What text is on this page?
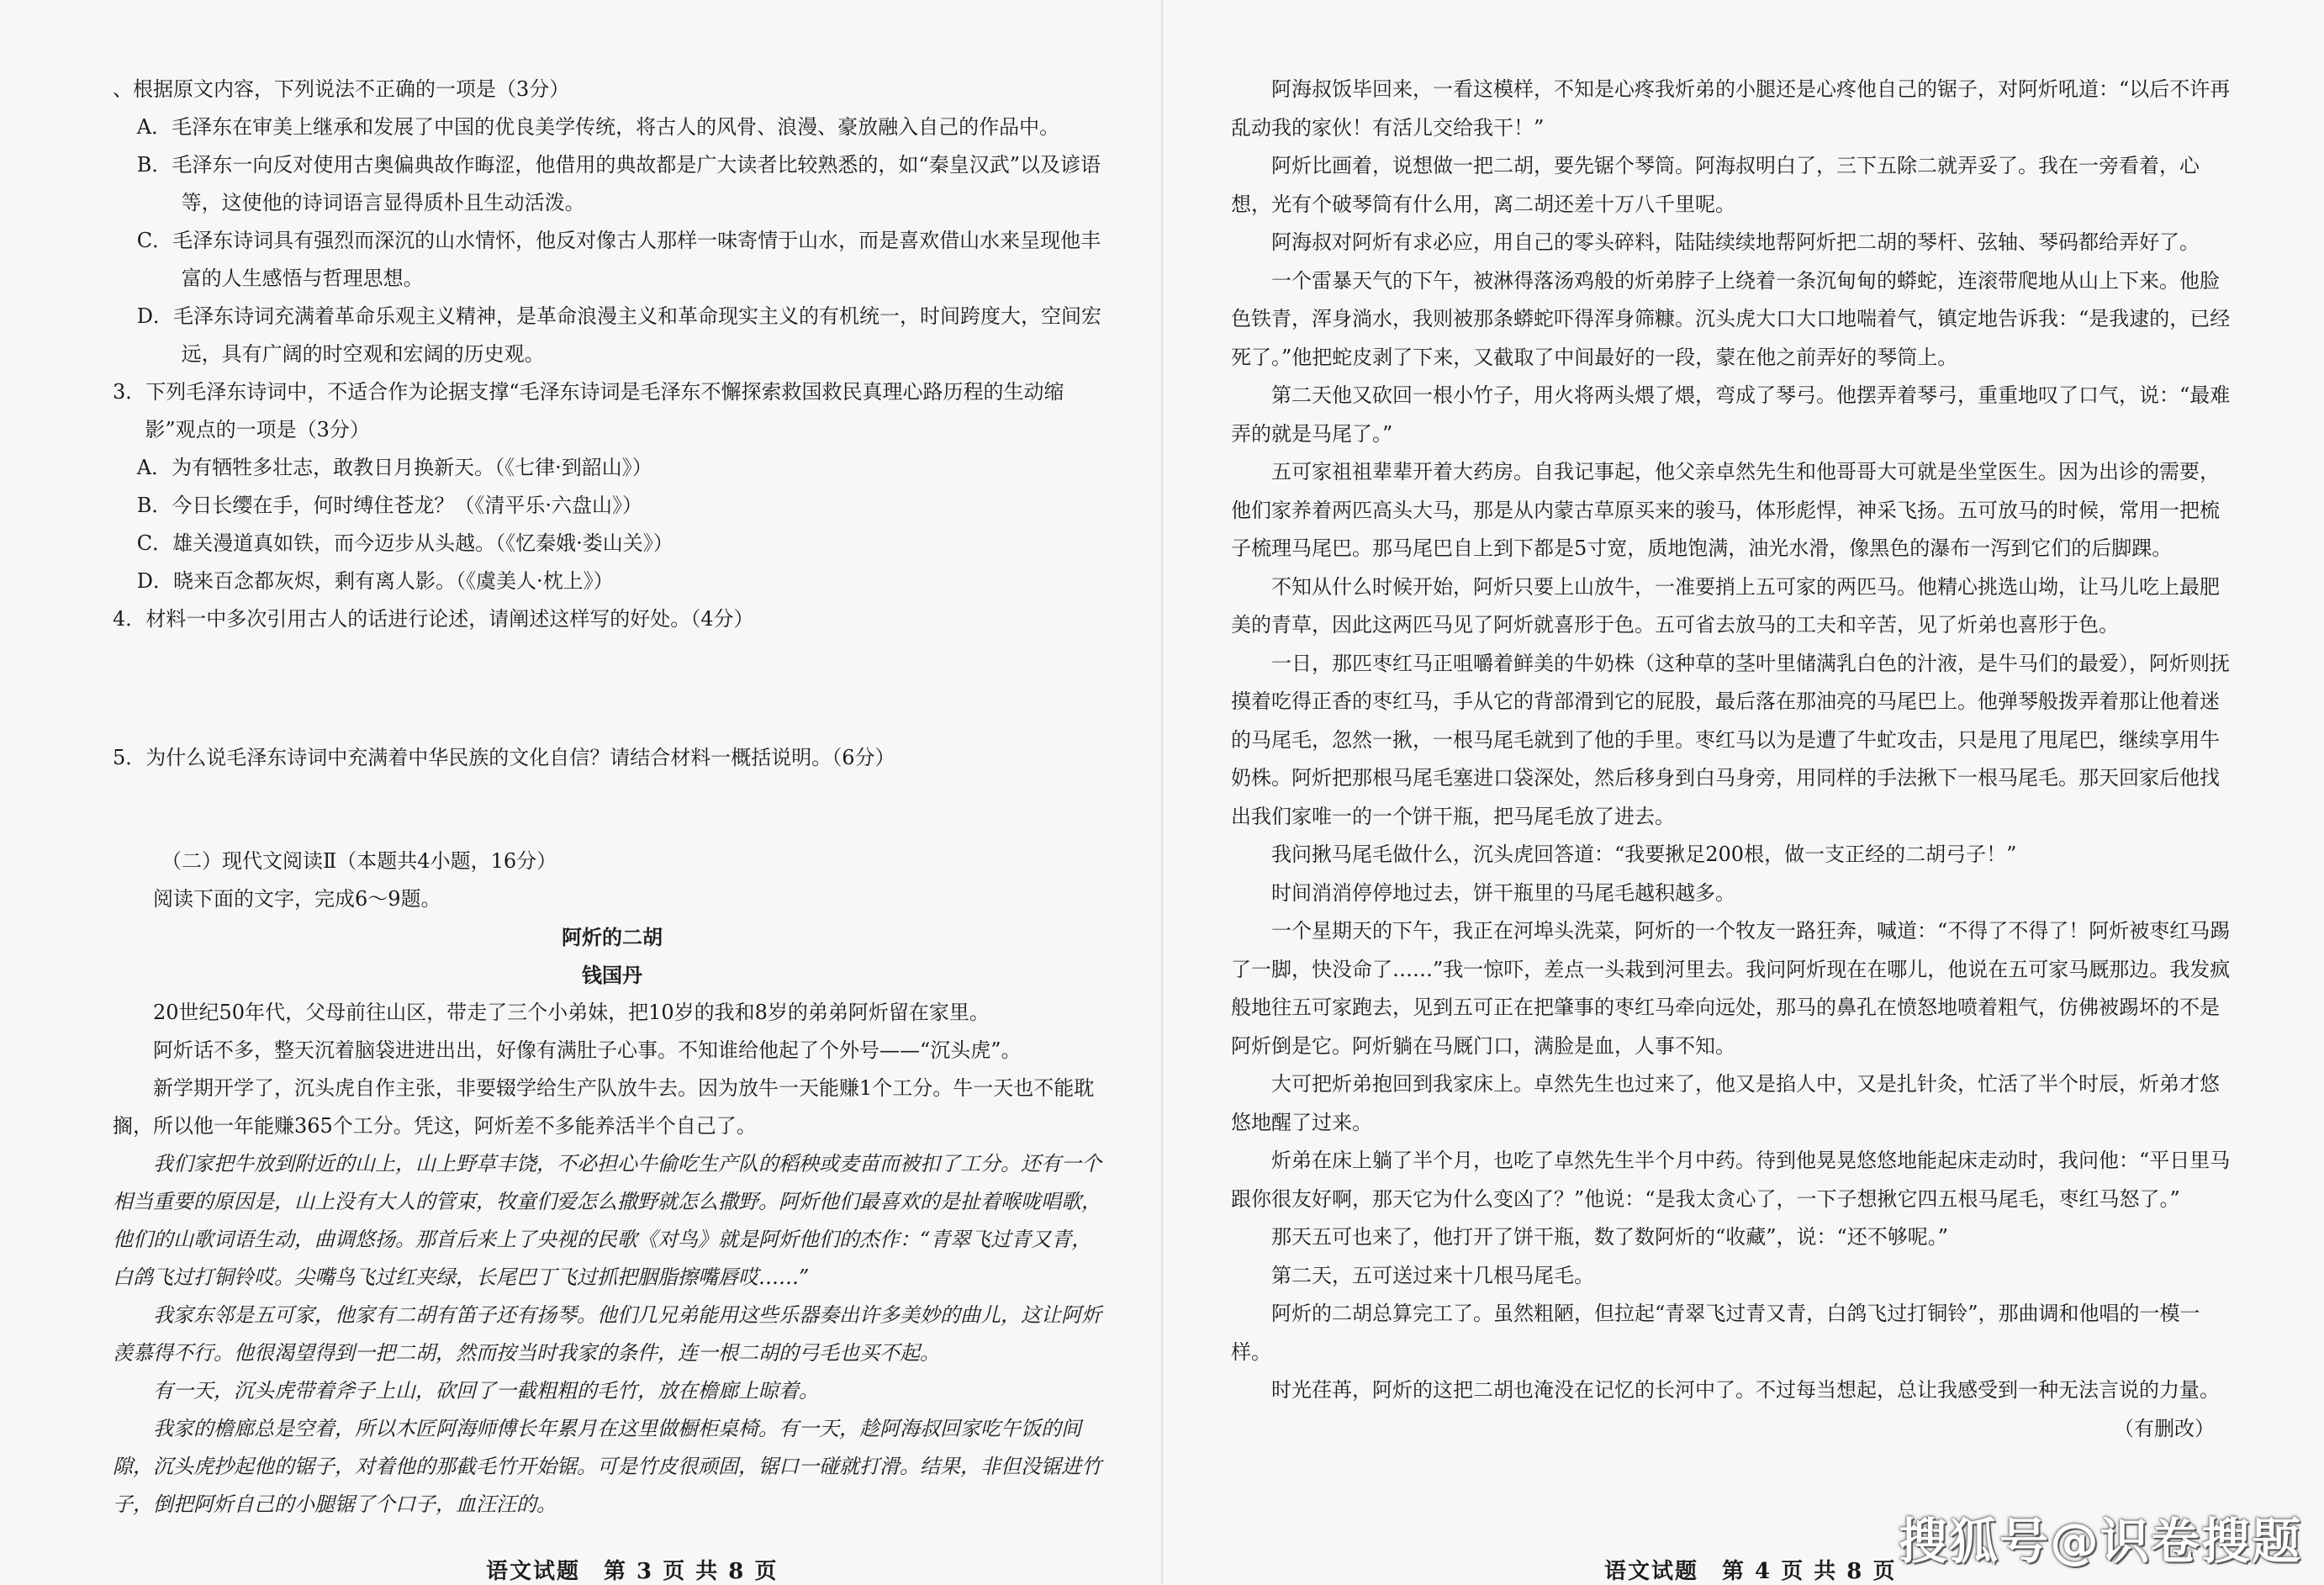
、根据原文内容，下列说法不正确的一项是（3分）

A．毛泽东在审美上继承和发展了中国的优良美学传统，将古人的风骨、浪漫、豪放融入自己的作品中。

B．毛泽东一向反对使用古奥偏典故作晦涩，他借用的典故都是广大读者比较熟悉的，如“秦皇汉武”以及谚语等，这使他的诗词语言显得质朴且生动活泼。

C．毛泽东诗词具有强烈而深沉的山水情怀，他反对像古人那样一味寄情于山水，而是喜欢借山水来呈现他丰富的人生感悟与哲理思想。

D．毛泽东诗词充满着革命乐观主义精神，是革命浪漫主义和革命现实主义的有机统一，时间跨度大，空间宏远，具有广阔的时空观和宏阔的历史观。

3．下列毛泽东诗词中，不适合作为论据支撑“毛泽东诗词是毛泽东不懈探索救国救民真理心路历程的生动缩影”观点的一项是（3分）

A．为有牺牲多壮志，敢教日月换新天。（《七律·到韶山》）

B．今日长缨在手，何时缚住苍龙？（《清平乐·六盘山》）

C．雄关漫道真如铁，而今迈步从头越。（《忆秦娥·娄山关》）

D．晓来百念都灰烬，剩有离人影。（《虞美人·枕上》）

4．材料一中多次引用古人的话进行论述，请阐述这样写的好处。（4分）

5．为什么说毛泽东诗词中充满着中华民族的文化自信？请结合材料一概括说明。（6分）

（二）现代文阅读Ⅱ（本题共4小题，16分）

阅读下面的文字，完成6～9题。

阿炘的二胡

钱国丹

20世纪50年代，父母前往山区，带走了三个小弟妹，把10岁的我和8岁的弟弟阿炘留在家里。

阿炘话不多，整天沉着脑袋进进出出，好像有满肚子心事。不知谁给他起了个外号——“沉头虎”。

新学期开学了，沉头虎自作主张，非要辍学给生产队放牛去。因为放牛一天能赚1个工分。牛一天也不能耽搁，所以他一年能赚365个工分。凭这，阿炘差不多能养活半个自己了。

我们家把牛放到附近的山上，山上野草丰饶，不必担心牛偷吃生产队的稻秧或麦苗而被扣了工分。还有一个相当重要的原因是，山上没有大人的管束，牧童们爱怎么撒野就怎么撒野。阿炘他们最喜欢的是扯着喉咙唱歌，他们的山歌词语生动，曲调悠扬。那首后来上了央视的民歌《对鸟》就是阿炘他们的杰作：“青翠飞过青又青，白鸽飞过打铜铃哎。尖嘴鸟飞过红夹绿，长尾巴丁飞过抓把胭脂擦嘴唇哎……”

我家东邻是五可家，他家有二胡有笛子还有扬琴。他们几兄弟能用这些乐器奏出许多美妙的曲儿，这让阿炘羡慕得不行。他很渴望得到一把二胡，然而按当时我家的条件，连一根二胡的弓毛也买不起。

有一天，沉头虎带着斧子上山，砍回了一截粗粗的毛竹，放在檐廊上晾着。

我家的檐廊总是空着，所以木匠阿海师傅长年累月在这里做橱柜桌椅。有一天，趁阿海叔回家吃午饭的间隙，沉头虎抄起他的锯子，对着他的那截毛竹开始锯。可是竹皮很顽固，锯口一碰就打滑。结果，非但没锯进竹子，倒把阿炘自己的小腿锯了个口子，血汪汪的。

语文试题　第 3 页 共 8 页

阿海叔饭毕回来，一看这模样，不知是心疼我炘弟的小腿还是心疼他自己的锯子，对阿炘吼道：“以后不许再乱动我的家伙！有活儿交给我干！”

阿炘比画着，说想做一把二胡，要先锯个琴筒。阿海叔明白了，三下五除二就弄妥了。我在一旁看着，心想，光有个破琴筒有什么用，离二胡还差十万八千里呢。

阿海叔对阿炘有求必应，用自己的零头碎料，陆陆续续地帮阿炘把二胡的琴杆、弦轴、琴码都给弄好了。

一个雷暴天气的下午，被淋得落汤鸡般的炘弟脖子上绕着一条沉甸甸的蟒蛇，连滚带爬地从山上下来。他脸色铁青，浑身淌水，我则被那条蟒蛇吓得浑身筛糠。沉头虎大口大口地喘着气，镇定地告诉我：“是我逮的，已经死了。”他把蛇皮剥了下来，又截取了中间最好的一段，蒙在他之前弄好的琴筒上。

第二天他又砍回一根小竹子，用火将两头煨了煨，弯成了琴弓。他摆弄着琴弓，重重地叹了口气，说：“最难弄的就是马尾了。”

五可家祖祖辈辈开着大药房。自我记事起，他父亲卓然先生和他哥哥大可就是坐堂医生。因为出诊的需要，他们家养着两匹高头大马，那是从内蒙古草原买来的骏马，体形彪悍，神采飞扬。五可放马的时候，常用一把梳子梳理马尾巴。那马尾巴自上到下都是5寸宽，质地饱满，油光水滑，像黑色的瀑布一泻到它们的后脚踝。

不知从什么时候开始，阿炘只要上山放牛，一准要捎上五可家的两匹马。他精心挑选山坳，让马儿吃上最肥美的青草，因此这两匹马见了阿炘就喜形于色。五可省去放马的工夫和辛苦，见了炘弟也喜形于色。

一日，那匹枣红马正咀嚼着鲜美的牛奶株（这种草的茎叶里储满乳白色的汁液，是牛马们的最爱），阿炘则抚摸着吃得正香的枣红马，手从它的背部滑到它的屁股，最后落在那油亮的马尾巴上。他弹琴般拨弄着那让他着迷的马尾毛，忽然一揪，一根马尾毛就到了他的手里。枣红马以为是遭了牛虻攻击，只是甩了甩尾巴，继续享用牛奶株。阿炘把那根马尾毛塞进口袋深处，然后移身到白马身旁，用同样的手法揪下一根马尾毛。那天回家后他找出我们家唯一的一个饼干瓶，把马尾毛放了进去。

我问揪马尾毛做什么，沉头虎回答道：“我要揪足200根，做一支正经的二胡弓子！”

时间消消停停地过去，饼干瓶里的马尾毛越积越多。

一个星期天的下午，我正在河埠头洗菜，阿炘的一个牧友一路狂奔，喊道：“不得了不得了！阿炘被枣红马踢了一脚，快没命了……”我一惊吓，差点一头栽到河里去。我问阿炘现在在哪儿，他说在五可家马厩那边。我发疯般地往五可家跑去，见到五可正在把肇事的枣红马牵向远处，那马的鼻孔在愤怒地喷着粗气，仿佛被踢坏的不是阿炘倒是它。阿炘躺在马厩门口，满脸是血，人事不知。

大可把炘弟抱回到我家床上。卓然先生也过来了，他又是掐人中，又是扎针灸，忙活了半个时辰，炘弟才悠悠地醒了过来。

炘弟在床上躺了半个月，也吃了卓然先生半个月中药。待到他晃晃悠悠地能起床走动时，我问他：“平日里马跟你很友好啊，那天它为什么变凶了？”他说：“是我太贪心了，一下子想揪它四五根马尾毛，枣红马怒了。”

那天五可也来了，他打开了饼干瓶，数了数阿炘的“收藏”，说：“还不够呢。”

第二天，五可送过来十几根马尾毛。

阿炘的二胡总算完工了。虽然粗陋，但拉起“青翠飞过青又青，白鸽飞过打铜铃”，那曲调和他唱的一模一样。

时光荏苒，阿炘的这把二胡也淹没在记忆的长河中了。不过每当想起，总让我感受到一种无法言说的力量。

（有删改）

语文试题　第 4 页 共 8 页
搜狐号@识卷搜题
